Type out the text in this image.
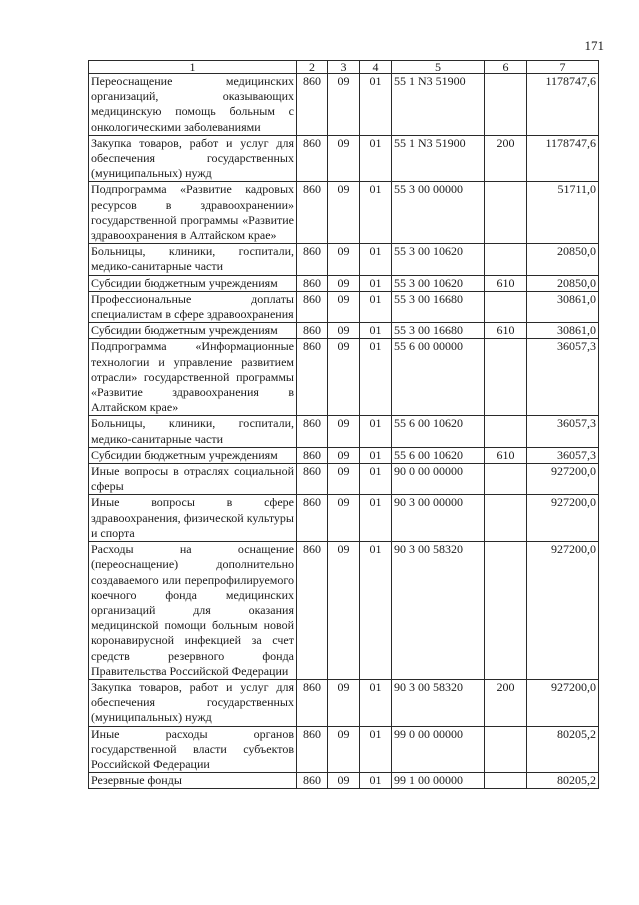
171
1	2	3	4	5	6	7
Переоснащение медицинских организаций, оказывающих медицинскую помощь больным с онкологическими заболеваниями	860	09	01	55 1 N3 51900		1178747,6
Закупка товаров, работ и услуг для обеспечения государственных (муниципальных) нужд	860	09	01	55 1 N3 51900	200	1178747,6
Подпрограмма «Развитие кадровых ресурсов в здравоохранении» государственной программы «Развитие здравоохранения в Алтайском крае»	860	09	01	55 3 00 00000		51711,0
Больницы, клиники, госпитали, медико-санитарные части	860	09	01	55 3 00 10620		20850,0
Субсидии бюджетным учреждениям	860	09	01	55 3 00 10620	610	20850,0
Профессиональные доплаты специалистам в сфере здравоохранения	860	09	01	55 3 00 16680		30861,0
Субсидии бюджетным учреждениям	860	09	01	55 3 00 16680	610	30861,0
Подпрограмма «Информационные технологии и управление развитием отрасли» государственной программы «Развитие здравоохранения в Алтайском крае»	860	09	01	55 6 00 00000		36057,3
Больницы, клиники, госпитали, медико-санитарные части	860	09	01	55 6 00 10620		36057,3
Субсидии бюджетным учреждениям	860	09	01	55 6 00 10620	610	36057,3
Иные вопросы в отраслях социальной сферы	860	09	01	90 0 00 00000		927200,0
Иные вопросы в сфере здравоохранения, физической культуры и спорта	860	09	01	90 3 00 00000		927200,0
Расходы на оснащение (переоснащение) дополнительно создаваемого или перепрофилируемого коечного фонда медицинских организаций для оказания медицинской помощи больным новой коронавирусной инфекцией за счет средств резервного фонда Правительства Российской Федерации	860	09	01	90 3 00 58320		927200,0
Закупка товаров, работ и услуг для обеспечения государственных (муниципальных) нужд	860	09	01	90 3 00 58320	200	927200,0
Иные расходы органов государственной власти субъектов Российской Федерации	860	09	01	99 0 00 00000		80205,2
Резервные фонды	860	09	01	99 1 00 00000		80205,2
